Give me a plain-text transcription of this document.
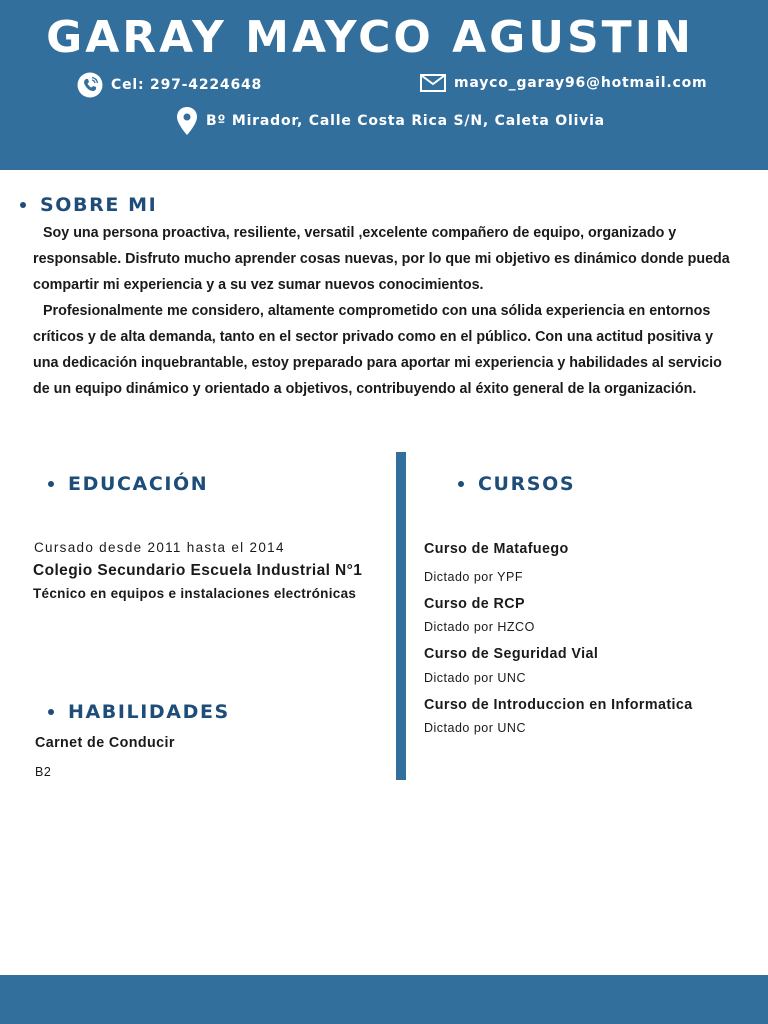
GARAY MAYCO AGUSTIN
Cel: 297-4224648	mayco_garay96@hotmail.com
Bº Mirador, Calle Costa Rica S/N, Caleta Olivia
SOBRE MI

Soy una persona proactiva, resiliente, versatil ,excelente compañero de equipo, organizado y responsable. Disfruto mucho aprender cosas nuevas, por lo que mi objetivo es dinámico donde pueda compartir mi experiencia y a su vez sumar nuevos conocimientos.

Profesionalmente me considero, altamente comprometido con una sólida experiencia en entornos críticos y de alta demanda, tanto en el sector privado como en el público. Con una actitud positiva y una dedicación inquebrantable, estoy preparado para aportar mi experiencia y habilidades al servicio de un equipo dinámico y orientado a objetivos, contribuyendo al éxito general de la organización.

EDUCACIÓN
Cursado desde 2011 hasta el 2014
Colegio Secundario Escuela Industrial N°1
Técnico en equipos e instalaciones electrónicas
HABILIDADES
Carnet de Conducir
B2
CURSOS
Curso de Matafuego
Dictado por YPF
Curso de RCP
Dictado por HZCO
Curso de Seguridad Vial
Dictado por UNC
Curso de Introduccion en Informatica
Dictado por UNC
